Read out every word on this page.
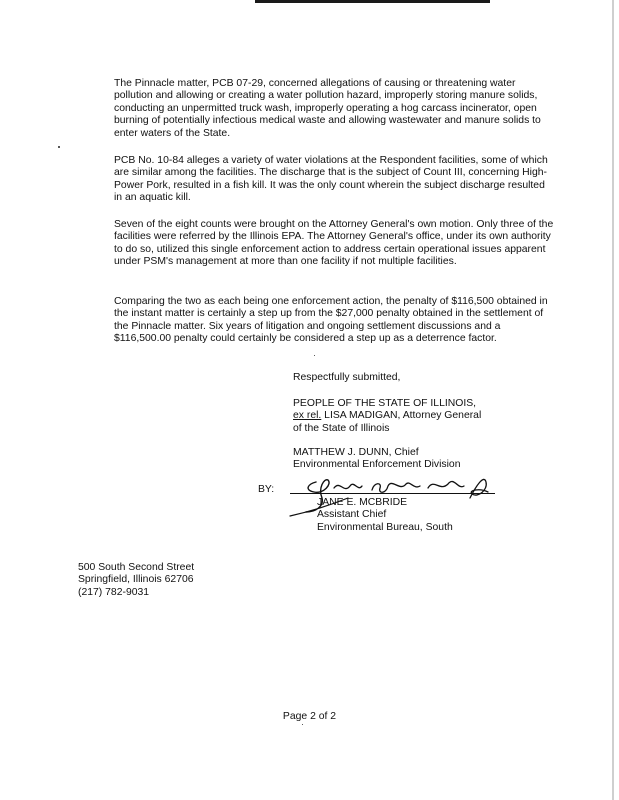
The Pinnacle matter, PCB 07-29, concerned allegations of causing or threatening water pollution and allowing or creating a water pollution hazard, improperly storing manure solids, conducting an unpermitted truck wash, improperly operating a hog carcass incinerator, open burning of potentially infectious medical waste and allowing wastewater and manure solids to enter waters of the State.

PCB No. 10-84 alleges a variety of water violations at the Respondent facilities, some of which are similar among the facilities. The discharge that is the subject of Count III, concerning High-Power Pork, resulted in a fish kill. It was the only count wherein the subject discharge resulted in an aquatic kill.

Seven of the eight counts were brought on the Attorney General's own motion. Only three of the facilities were referred by the Illinois EPA. The Attorney General's office, under its own authority to do so, utilized this single enforcement action to address certain operational issues apparent under PSM's management at more than one facility if not multiple facilities.

Comparing the two as each being one enforcement action, the penalty of $116,500 obtained in the instant matter is certainly a step up from the $27,000 penalty obtained in the settlement of the Pinnacle matter. Six years of litigation and ongoing settlement discussions and a $116,500.00 penalty could certainly be considered a step up as a deterrence factor.

Respectfully submitted,
PEOPLE OF THE STATE OF ILLINOIS,
ex rel. LISA MADIGAN, Attorney General
of the State of Illinois
MATTHEW J. DUNN, Chief
Environmental Enforcement Division
BY:
JANE E. MCBRIDE
Assistant Chief
Environmental Bureau, South
500 South Second Street
Springfield, Illinois 62706
(217) 782-9031
Page 2 of 2
